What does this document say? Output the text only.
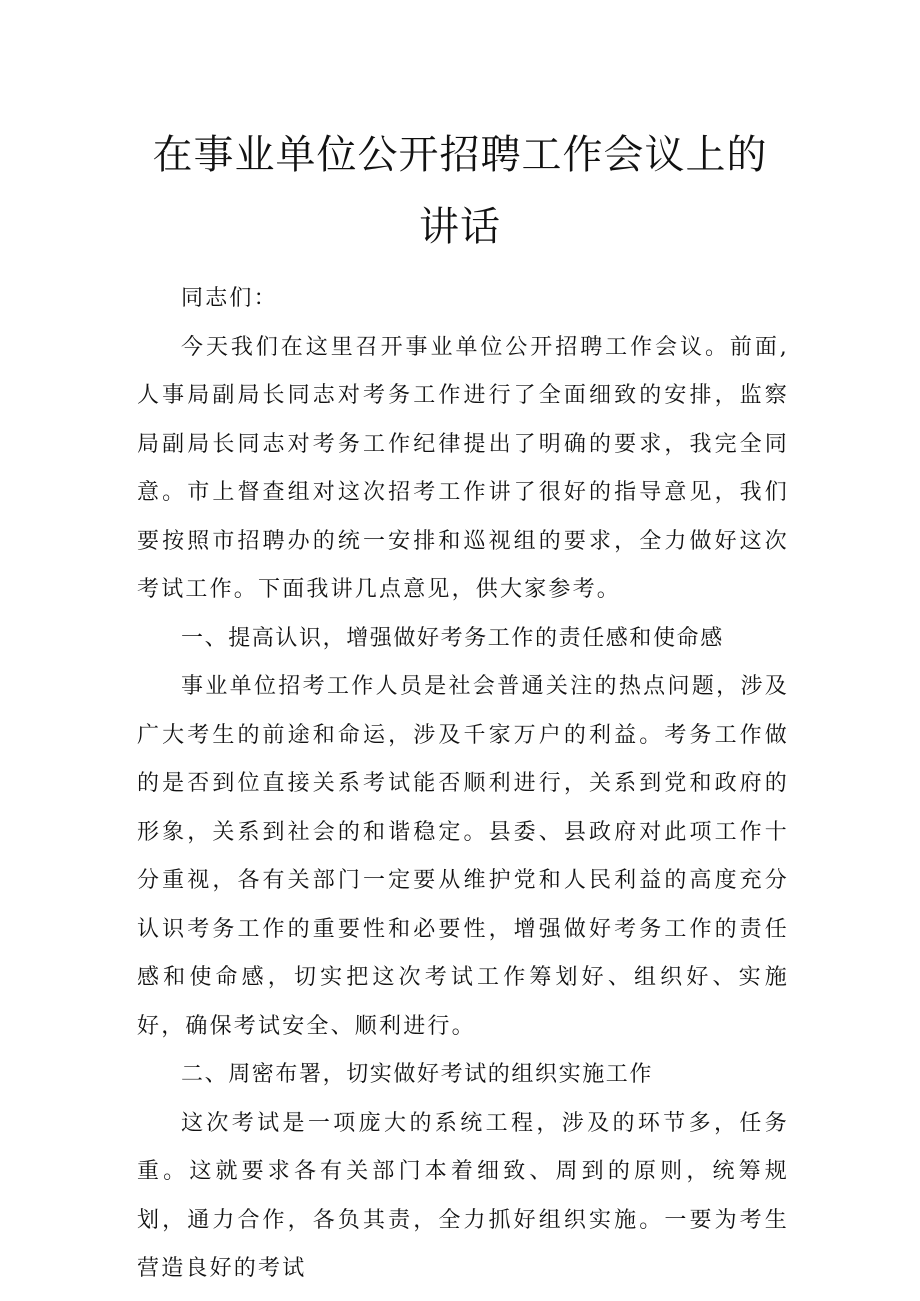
在事业单位公开招聘工作会议上的
讲话

同志们：

今天我们在这里召开事业单位公开招聘工作会议。前面,人事局副局长同志对考务工作进行了全面细致的安排，监察局副局长同志对考务工作纪律提出了明确的要求，我完全同意。市上督查组对这次招考工作讲了很好的指导意见，我们要按照市招聘办的统一安排和巡视组的要求，全力做好这次考试工作。下面我讲几点意见，供大家参考。

一、提高认识，增强做好考务工作的责任感和使命感

事业单位招考工作人员是社会普通关注的热点问题，涉及广大考生的前途和命运，涉及千家万户的利益。考务工作做的是否到位直接关系考试能否顺利进行，关系到党和政府的形象，关系到社会的和谐稳定。县委、县政府对此项工作十分重视，各有关部门一定要从维护党和人民利益的高度充分认识考务工作的重要性和必要性，增强做好考务工作的责任感和使命感，切实把这次考试工作筹划好、组织好、实施好，确保考试安全、顺利进行。

二、周密布署，切实做好考试的组织实施工作

这次考试是一项庞大的系统工程，涉及的环节多，任务重。这就要求各有关部门本着细致、周到的原则，统筹规划，通力合作，各负其责，全力抓好组织实施。一要为考生营造良好的考试
